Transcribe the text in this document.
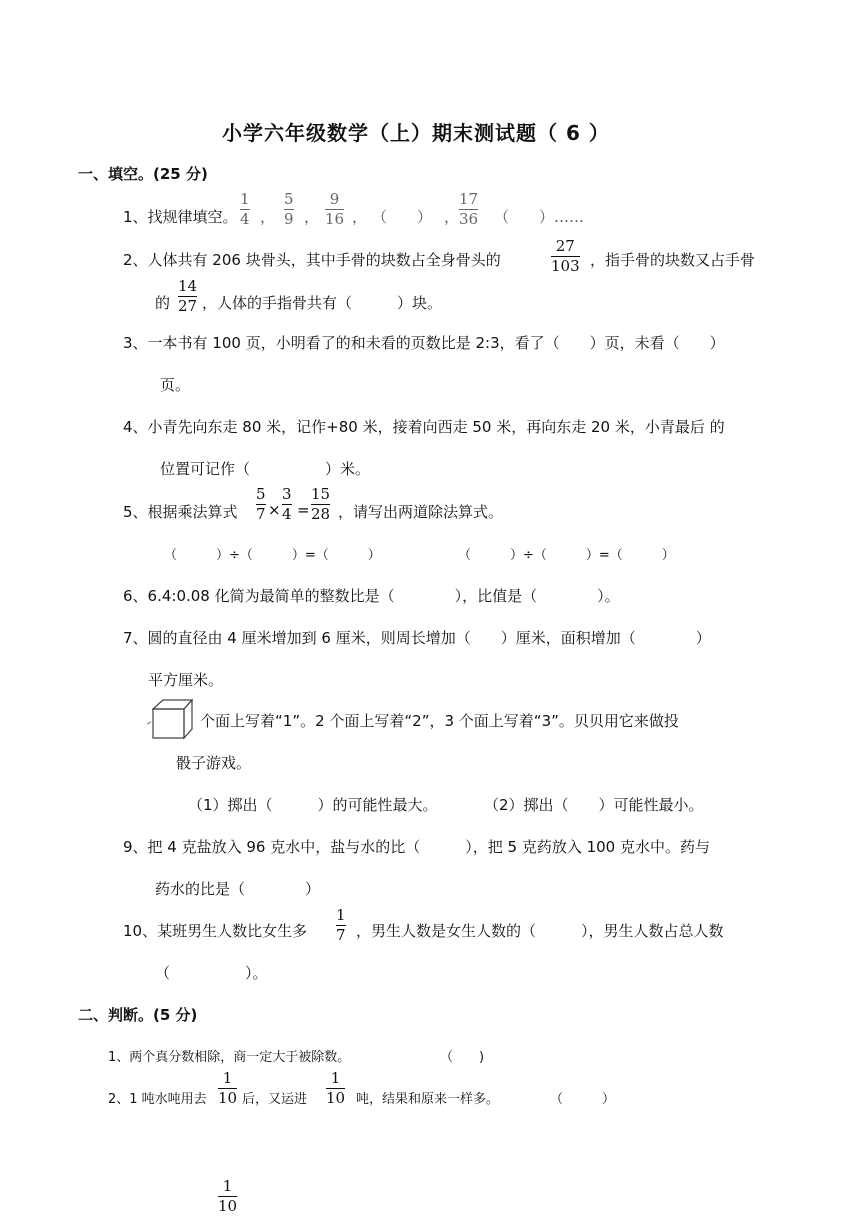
小学六年级数学（上）期末测试题（ 6 ）
一、填空。(25 分)
1、找规律填空。
1
4 ，
5
9 ，
9
16 ， （　　） ，
17
36 （　　）……
2、人体共有 206 块骨头，其中手骨的块数占全身骨头的
27
103 ，指手骨的块数又占手骨
的
14
27 ，人体的手指骨共有（　　　）块。
3、一本书有 100 页，小明看了的和未看的页数比是 2:3，看了（　　）页，未看（　　）
页。
4、小青先向东走 80 米，记作+80 米，接着向西走 50 米，再向东走 20 米，小青最后 的
位置可记作（　　　　　）米。
5、根据乘法算式
5
7 ×
3
4 =
15
28 ，请写出两道除法算式。
（　　　）÷（　　　）=（　　　）	（　　　）÷（　　　）=（　　　）
6、6.4:0.08 化简为最简单的整数比是（　　　　），比值是（　　　　）。
7、圆的直径由 4 厘米增加到 6 厘米，则周长增加（　　）厘米，面积增加（　　　　）
平方厘米。
个面上写着“1”。2 个面上写着“2”，3 个面上写着“3”。贝贝用它来做投
骰子游戏。
（1）掷出（　　　）的可能性最大。	（2）掷出（　　）可能性最小。
9、把 4 克盐放入 96 克水中，盐与水的比（　　　），把 5 克药放入 100 克水中。药与
药水的比是（　　　　）
10、某班男生人数比女生多
1
7 ，男生人数是女生人数的（　　　），男生人数占总人数
（　　　　　）。
二、判断。(5 分)
1、两个真分数相除，商一定大于被除数。	（　　)
2、1 吨水吨用去
1
10 后，又运进
1
10 吨，结果和原来一样多。	（　　　）
1
10
